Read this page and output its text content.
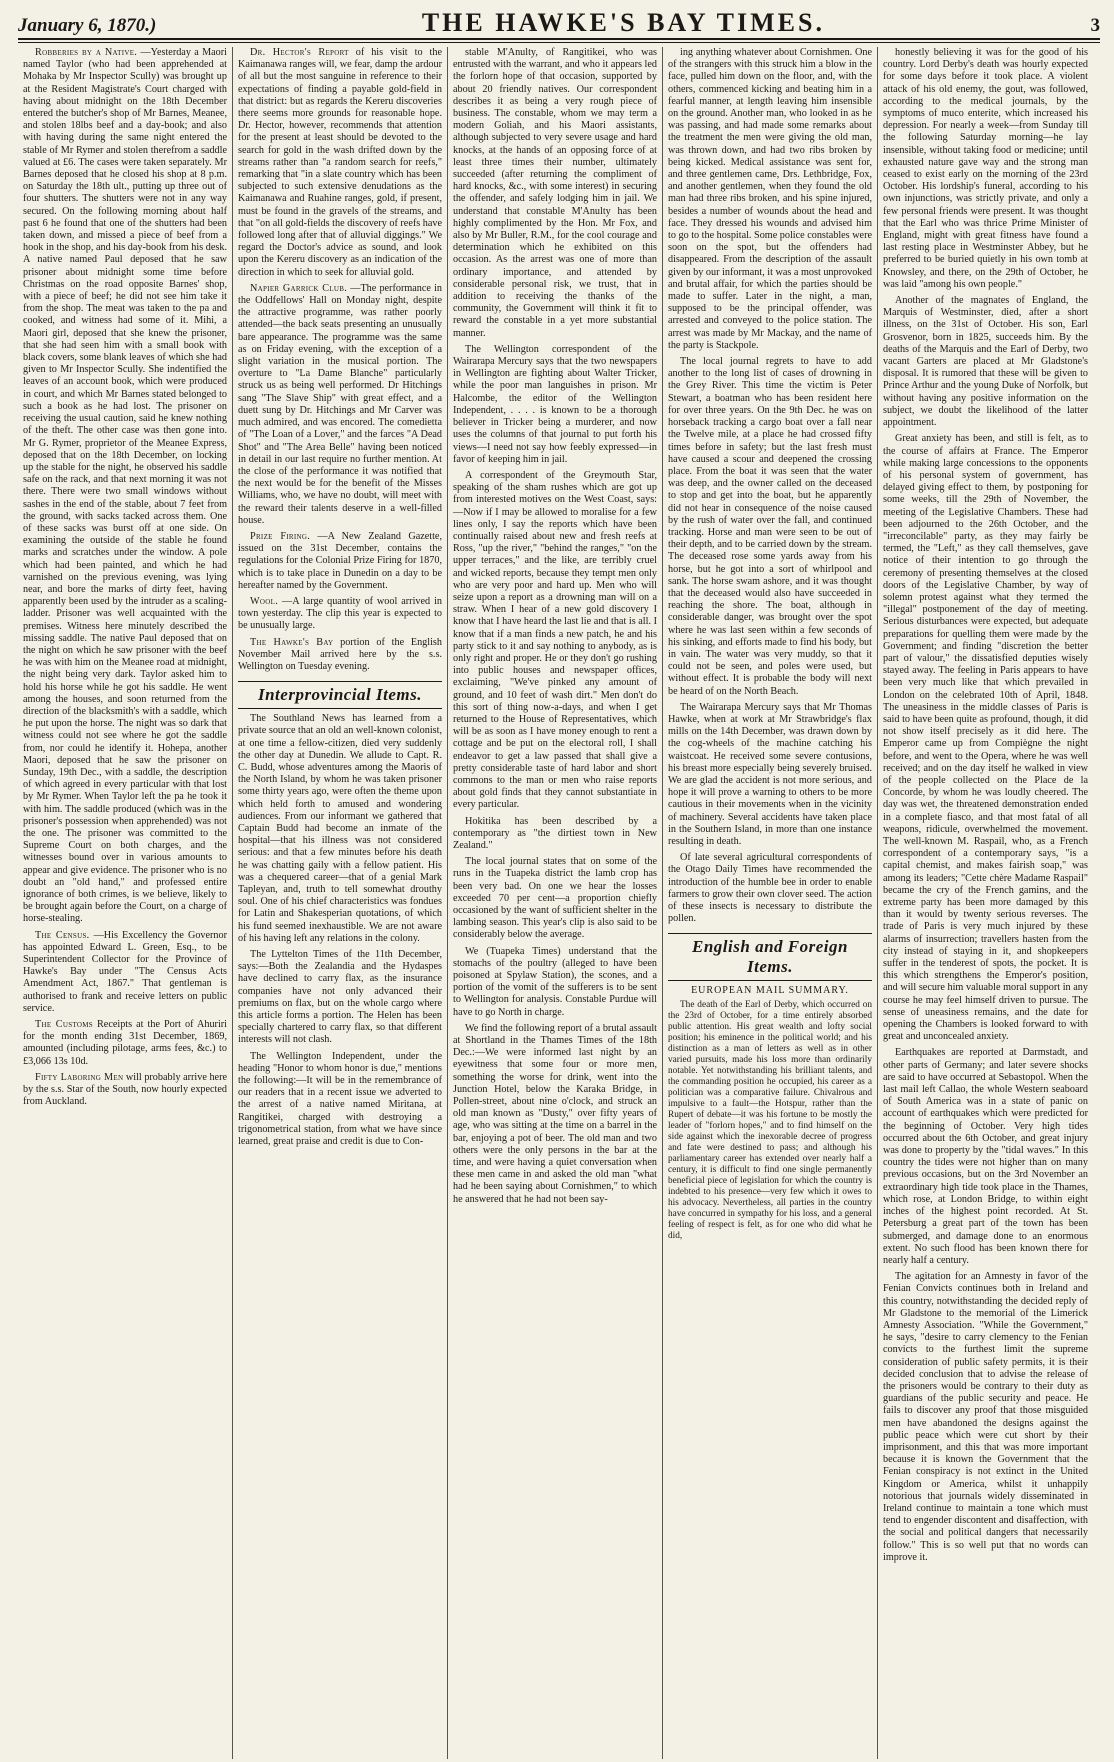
January 6, 1870.)	THE HAWKE'S BAY TIMES.	3

Robberies by a Native. —Yesterday a Maori named Taylor (who had been apprehended at Mohaka by Mr Inspector Scully) was brought up at the Resident Magistrate's Court charged with having about midnight on the 18th December entered the butcher's shop of Mr Barnes, Meanee, and stolen 18lbs beef and a day-book; and also with having during the same night entered the stable of Mr Rymer and stolen therefrom a saddle valued at £6. The cases were taken separately. Mr Barnes deposed that he closed his shop at 8 p.m. on Saturday the 18th ult., putting up three out of four shutters. The shutters were not in any way secured. On the following morning about half past 6 he found that one of the shutters had been taken down, and missed a piece of beef from a hook in the shop, and his day-book from his desk. A native named Paul deposed that he saw prisoner about midnight some time before Christmas on the road opposite Barnes' shop, with a piece of beef; he did not see him take it from the shop. The meat was taken to the pa and cooked, and witness had some of it. Mihi, a Maori girl, deposed that she knew the prisoner, that she had seen him with a small book with black covers, some blank leaves of which she had given to Mr Inspector Scully. She indentified the leaves of an account book, which were produced in court, and which Mr Barnes stated belonged to such a book as he had lost. The prisoner on receiving the usual caution, said he knew nothing of the theft. The other case was then gone into. Mr G. Rymer, proprietor of the Meanee Express, deposed that on the 18th December, on locking up the stable for the night, he observed his saddle safe on the rack, and that next morning it was not there. There were two small windows without sashes in the end of the stable, about 7 feet from the ground, with sacks tacked across them. One of these sacks was burst off at one side. On examining the outside of the stable he found marks and scratches under the window. A pole which had been painted, and which he had varnished on the previous evening, was lying near, and bore the marks of dirty feet, having apparently been used by the intruder as a scaling-ladder. Prisoner was well acquainted with the premises. Witness here minutely described the missing saddle. The native Paul deposed that on the night on which he saw prisoner with the beef he was with him on the Meanee road at midnight, the night being very dark. Taylor asked him to hold his horse while he got his saddle. He went among the houses, and soon returned from the direction of the blacksmith's with a saddle, which he put upon the horse. The night was so dark that witness could not see where he got the saddle from, nor could he identify it. Hohepa, another Maori, deposed that he saw the prisoner on Sunday, 19th Dec., with a saddle, the description of which agreed in every particular with that lost by Mr Rymer. When Taylor left the pa he took it with him. The saddle produced (which was in the prisoner's possession when apprehended) was not the one. The prisoner was committed to the Supreme Court on both charges, and the witnesses bound over in various amounts to appear and give evidence. The prisoner who is no doubt an "old hand," and professed entire ignorance of both crimes, is we believe, likely to be brought again before the Court, on a charge of horse-stealing.

The Census. —His Excellency the Governor has appointed Edward L. Green, Esq., to be Superintendent Collector for the Province of Hawke's Bay under "The Census Acts Amendment Act, 1867." That gentleman is authorised to frank and receive letters on public service.

The Customs Receipts at the Port of Ahuriri for the month ending 31st December, 1869, amounted (including pilotage, arms fees, &c.) to £3,066 13s 10d.

Fifty Laboring Men will probably arrive here by the s.s. Star of the South, now hourly expected from Auckland.

Dr. Hector's Report of his visit to the Kaimanawa ranges will, we fear, damp the ardour of all but the most sanguine in reference to their expectations of finding a payable gold-field in that district: but as regards the Kereru discoveries there seems more grounds for reasonable hope. Dr. Hector, however, recommends that attention for the present at least should be devoted to the search for gold in the wash drifted down by the streams rather than "a random search for reefs," remarking that "in a slate country which has been subjected to such extensive denudations as the Kaimanawa and Ruahine ranges, gold, if present, must be found in the gravels of the streams, and that "on all gold-fields the discovery of reefs have followed long after that of alluvial diggings." We regard the Doctor's advice as sound, and look upon the Kereru discovery as an indication of the direction in which to seek for alluvial gold.

Napier Garrick Club. —The performance in the Oddfellows' Hall on Monday night, despite the attractive programme, was rather poorly attended—the back seats presenting an unusually bare appearance. The programme was the same as on Friday evening, with the exception of a slight variation in the musical portion. The overture to "La Dame Blanche" particularly struck us as being well performed. Dr Hitchings sang "The Slave Ship" with great effect, and a duett sung by Dr. Hitchings and Mr Carver was much admired, and was encored. The comedietta of "The Loan of a Lover," and the farces "A Dead Shot" and "The Area Belle" having been noticed in detail in our last require no further mention. At the close of the performance it was notified that the next would be for the benefit of the Misses Williams, who, we have no doubt, will meet with the reward their talents deserve in a well-filled house.

Prize Firing. —A New Zealand Gazette, issued on the 31st December, contains the regulations for the Colonial Prize Firing for 1870, which is to take place in Dunedin on a day to be hereafter named by the Government.

Wool. —A large quantity of wool arrived in town yesterday. The clip this year is expected to be unusually large.

The Hawke's Bay portion of the English November Mail arrived here by the s.s. Wellington on Tuesday evening.

Interprovincial Items.

The Southland News has learned from a private source that an old an well-known colonist, at one time a fellow-citizen, died very suddenly the other day at Dunedin. We allude to Capt. R. C. Budd, whose adventures among the Maoris of the North Island, by whom he was taken prisoner some thirty years ago, were often the theme upon which held forth to amused and wondering audiences. From our informant we gathered that Captain Budd had become an inmate of the hospital—that his illness was not considered serious: and that a few minutes before his death he was chatting gaily with a fellow patient. His was a chequered career—that of a genial Mark Tapleyan, and, truth to tell somewhat drouthy soul. One of his chief characteristics was fondues for Latin and Shakesperian quotations, of which his fund seemed inexhaustible. We are not aware of his having left any relations in the colony.

The Lyttelton Times of the 11th December, says:—Both the Zealandia and the Hydaspes have declined to carry flax, as the insurance companies have not only advanced their premiums on flax, but on the whole cargo where this article forms a portion. The Helen has been specially chartered to carry flax, so that different interests will not clash.

The Wellington Independent, under the heading "Honor to whom honor is due," mentions the following:—It will be in the remembrance of our readers that in a recent issue we adverted to the arrest of a native named Miritana, at Rangitikei, charged with destroying a trigonometrical station, from what we have since learned, great praise and credit is due to Con-

stable M'Anulty, of Rangitikei, who was entrusted with the warrant, and who it appears led the forlorn hope of that occasion, supported by about 20 friendly natives. Our correspondent describes it as being a very rough piece of business. The constable, whom we may term a modern Goliah, and his Maori assistants, although subjected to very severe usage and hard knocks, at the hands of an opposing force of at least three times their number, ultimately succeeded (after returning the compliment of hard knocks, &c., with some interest) in securing the offender, and safely lodging him in jail. We understand that constable M'Anulty has been highly complimented by the Hon. Mr Fox, and also by Mr Buller, R.M., for the cool courage and determination which he exhibited on this occasion. As the arrest was one of more than ordinary importance, and attended by considerable personal risk, we trust, that in addition to receiving the thanks of the community, the Government will think it fit to reward the constable in a yet more substantial manner.

The Wellington correspondent of the Wairarapa Mercury says that the two newspapers in Wellington are fighting about Walter Tricker, while the poor man languishes in prison. Mr Halcombe, the editor of the Wellington Independent, . . . . is known to be a thorough believer in Tricker being a murderer, and now uses the columns of that journal to put forth his views—I need not say how feebly expressed—in favor of keeping him in jail.

A correspondent of the Greymouth Star, speaking of the sham rushes which are got up from interested motives on the West Coast, says:—Now if I may be allowed to moralise for a few lines only, I say the reports which have been continually raised about new and fresh reefs at Ross, "up the river," "behind the ranges," "on the upper terraces," and the like, are terribly cruel and wicked reports, because they tempt men only who are very poor and hard up. Men who will seize upon a report as a drowning man will on a straw. When I hear of a new gold discovery I know that I have heard the last lie and that is all. I know that if a man finds a new patch, he and his party stick to it and say nothing to anybody, as is only right and proper. He or they don't go rushing into public houses and newspaper offices, exclaiming, "We've pinked any amount of ground, and 10 feet of wash dirt." Men don't do this sort of thing now-a-days, and when I get returned to the House of Representatives, which will be as soon as I have money enough to rent a cottage and be put on the electoral roll, I shall endeavor to get a law passed that shall give a pretty considerable taste of hard labor and short commons to the man or men who raise reports about gold finds that they cannot substantiate in every particular.

Hokitika has been described by a contemporary as "the dirtiest town in New Zealand."

The local journal states that on some of the runs in the Tuapeka district the lamb crop has been very bad. On one we hear the losses exceeded 70 per cent—a proportion chiefly occasioned by the want of sufficient shelter in the lambing season. This year's clip is also said to be considerably below the average.

We (Tuapeka Times) understand that the stomachs of the poultry (alleged to have been poisoned at Spylaw Station), the scones, and a portion of the vomit of the sufferers is to be sent to Wellington for analysis. Constable Purdue will have to go North in charge.

We find the following report of a brutal assault at Shortland in the Thames Times of the 18th Dec.:—We were informed last night by an eyewitness that some four or more men, something the worse for drink, went into the Junction Hotel, below the Karaka Bridge, in Pollen-street, about nine o'clock, and struck an old man known as "Dusty," over fifty years of age, who was sitting at the time on a barrel in the bar, enjoying a pot of beer. The old man and two others were the only persons in the bar at the time, and were having a quiet conversation when these men came in and asked the old man "what had he been saying about Cornishmen," to which he answered that he had not been say-

ing anything whatever about Cornishmen. One of the strangers with this struck him a blow in the face, pulled him down on the floor, and, with the others, commenced kicking and beating him in a fearful manner, at length leaving him insensible on the ground. Another man, who looked in as he was passing, and had made some remarks about the treatment the men were giving the old man, was thrown down, and had two ribs broken by being kicked. Medical assistance was sent for, and three gentlemen came, Drs. Lethbridge, Fox, and another gentlemen, when they found the old man had three ribs broken, and his spine injured, besides a number of wounds about the head and face. They dressed his wounds and advised him to go to the hospital. Some police constables were soon on the spot, but the offenders had disappeared. From the description of the assault given by our informant, it was a most unprovoked and brutal affair, for which the parties should be made to suffer. Later in the night, a man, supposed to be the principal offender, was arrested and conveyed to the police station. The arrest was made by Mr Mackay, and the name of the party is Stackpole.

The local journal regrets to have to add another to the long list of cases of drowning in the Grey River. This time the victim is Peter Stewart, a boatman who has been resident here for over three years. On the 9th Dec. he was on horseback tracking a cargo boat over a fall near the Twelve mile, at a place he had crossed fifty times before in safety; but the last fresh must have caused a scour and deepened the crossing place. From the boat it was seen that the water was deep, and the owner called on the deceased to stop and get into the boat, but he apparently did not hear in consequence of the noise caused by the rush of water over the fall, and continued tracking. Horse and man were seen to be out of their depth, and to be carried down by the stream. The deceased rose some yards away from his horse, but he got into a sort of whirlpool and sank. The horse swam ashore, and it was thought that the deceased would also have succeeded in reaching the shore. The boat, although in considerable danger, was brought over the spot where he was last seen within a few seconds of his sinking, and efforts made to find his body, but in vain. The water was very muddy, so that it could not be seen, and poles were used, but without effect. It is probable the body will next be heard of on the North Beach.

The Wairarapa Mercury says that Mr Thomas Hawke, when at work at Mr Strawbridge's flax mills on the 14th December, was drawn down by the cog-wheels of the machine catching his waistcoat. He received some severe contusions, his breast more especially being severely bruised. We are glad the accident is not more serious, and hope it will prove a warning to others to be more cautious in their movements when in the vicinity of machinery. Several accidents have taken place in the Southern Island, in more than one instance resulting in death.

Of late several agricultural correspondents of the Otago Daily Times have recommended the introduction of the humble bee in order to enable farmers to grow their own clover seed. The action of these insects is necessary to distribute the pollen.

English and Foreign Items.
EUROPEAN MAIL SUMMARY.

The death of the Earl of Derby, which occurred on the 23rd of October, for a time entirely absorbed public attention. His great wealth and lofty social position; his eminence in the political world; and his distinction as a man of letters as well as in other varied pursuits, made his loss more than ordinarily notable. Yet notwithstanding his brilliant talents, and the commanding position he occupied, his career as a politician was a comparative failure. Chivalrous and impulsive to a fault—the Hotspur, rather than the Rupert of debate—it was his fortune to be mostly the leader of "forlorn hopes," and to find himself on the side against which the inexorable decree of progress and fate were destined to pass; and although his parliamentary career has extended over nearly half a century, it is difficult to find one single permanently beneficial piece of legislation for which the country is indebted to his presence—very few which it owes to his advocacy. Nevertheless, all parties in the country have concurred in sympathy for his loss, and a general feeling of respect is felt, as for one who did what he did,

honestly believing it was for the good of his country. Lord Derby's death was hourly expected for some days before it took place. A violent attack of his old enemy, the gout, was followed, according to the medical journals, by the symptoms of muco enterite, which increased his depression. For nearly a week—from Sunday till the following Saturday morning—he lay insensible, without taking food or medicine; until exhausted nature gave way and the strong man ceased to exist early on the morning of the 23rd October. His lordship's funeral, according to his own injunctions, was strictly private, and only a few personal friends were present. It was thought that the Earl who was thrice Prime Minister of England, might with great fitness have found a last resting place in Westminster Abbey, but he preferred to be buried quietly in his own tomb at Knowsley, and there, on the 29th of October, he was laid "among his own people."

Another of the magnates of England, the Marquis of Westminster, died, after a short illness, on the 31st of October. His son, Earl Grosvenor, born in 1825, succeeds him. By the deaths of the Marquis and the Earl of Derby, two vacant Garters are placed at Mr Gladstone's disposal. It is rumored that these will be given to Prince Arthur and the young Duke of Norfolk, but without having any positive information on the subject, we doubt the likelihood of the latter appointment.

Great anxiety has been, and still is felt, as to the course of affairs at France. The Emperor while making large concessions to the opponents of his personal system of government, has delayed giving effect to them, by postponing for some weeks, till the 29th of November, the meeting of the Legislative Chambers. These had been adjourned to the 26th October, and the "irreconcilable" party, as they may fairly be termed, the "Left," as they call themselves, gave notice of their intention to go through the ceremony of presenting themselves at the closed doors of the Legislative Chamber, by way of solemn protest against what they termed the "illegal" postponement of the day of meeting. Serious disturbances were expected, but adequate preparations for quelling them were made by the Government; and finding "discretion the better part of valour," the dissatisfied deputies wisely stayed away. The feeling in Paris appears to have been very much like that which prevailed in London on the celebrated 10th of April, 1848. The uneasiness in the middle classes of Paris is said to have been quite as profound, though, it did not show itself precisely as it did here. The Emperor came up from Compiègne the night before, and went to the Opera, where he was well received; and on the day itself he walked in view of the people collected on the Place de la Concorde, by whom he was loudly cheered. The day was wet, the threatened demonstration ended in a complete fiasco, and that most fatal of all weapons, ridicule, overwhelmed the movement. The well-known M. Raspail, who, as a French correspondent of a contemporary says, "is a capital chemist, and makes fairish soap," was among its leaders; "Cette chère Madame Raspail" became the cry of the French gamins, and the extreme party has been more damaged by this than it would by twenty serious reverses. The trade of Paris is very much injured by these alarms of insurrection; travellers hasten from the city instead of staying in it, and shopkeepers suffer in the tenderest of spots, the pocket. It is this which strengthens the Emperor's position, and will secure him valuable moral support in any course he may feel himself driven to pursue. The sense of uneasiness remains, and the date for opening the Chambers is looked forward to with great and unconcealed anxiety.

Earthquakes are reported at Darmstadt, and other parts of Germany; and later severe shocks are said to have occurred at Sebastopol. When the last mail left Callao, the whole Western seaboard of South America was in a state of panic on account of earthquakes which were predicted for the beginning of October. Very high tides occurred about the 6th October, and great injury was done to property by the "tidal waves." In this country the tides were not higher than on many previous occasions, but on the 3rd November an extraordinary high tide took place in the Thames, which rose, at London Bridge, to within eight inches of the highest point recorded. At St. Petersburg a great part of the town has been submerged, and damage done to an enormous extent. No such flood has been known there for nearly half a century.

The agitation for an Amnesty in favor of the Fenian Convicts continues both in Ireland and this country, notwithstanding the decided reply of Mr Gladstone to the memorial of the Limerick Amnesty Association. "While the Government," he says, "desire to carry clemency to the Fenian convicts to the furthest limit the supreme consideration of public safety permits, it is their decided conclusion that to advise the release of the prisoners would be contrary to their duty as guardians of the public security and peace. He fails to discover any proof that those misguided men have abandoned the designs against the public peace which were cut short by their imprisonment, and this that was more important because it is known the Government that the Fenian conspiracy is not extinct in the United Kingdom or America, whilst it unhappily notorious that journals widely disseminated in Ireland continue to maintain a tone which must tend to engender discontent and disaffection, with the social and political dangers that necessarily follow." This is so well put that no words can improve it.
